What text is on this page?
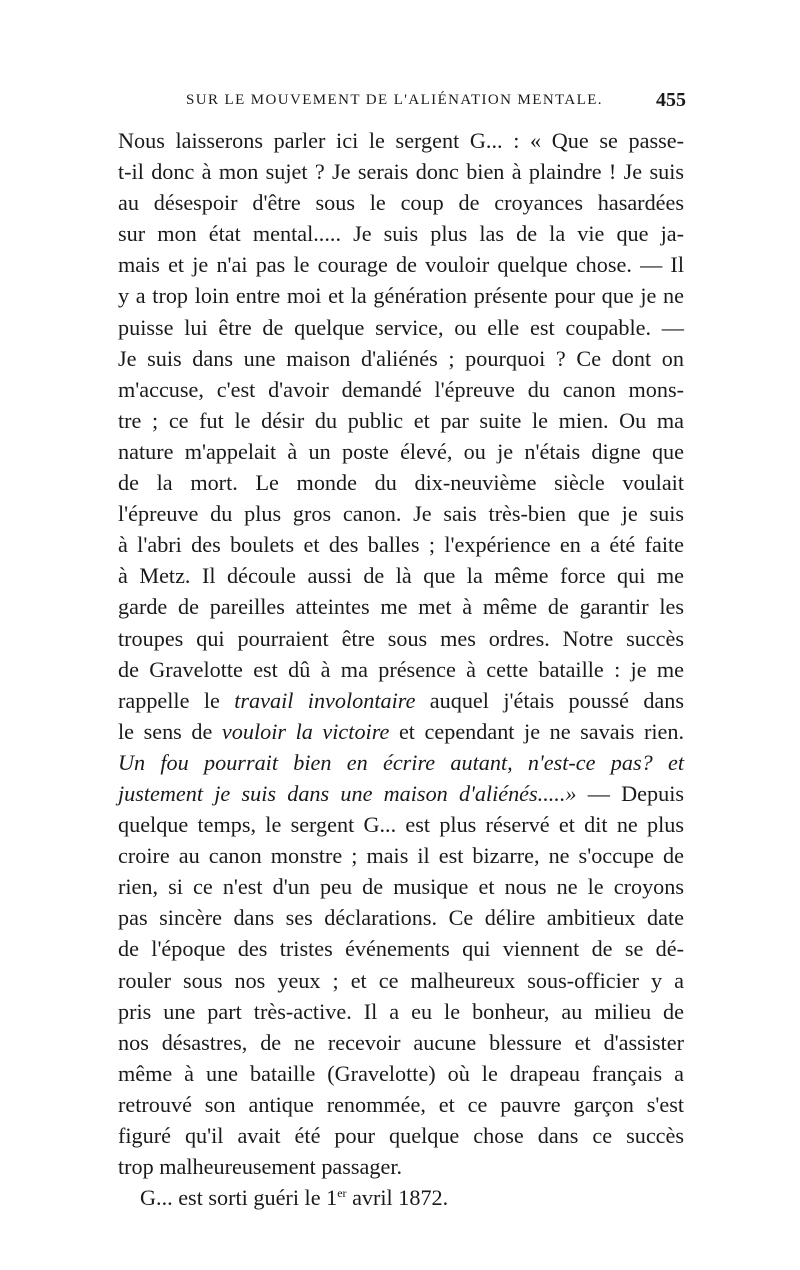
SUR LE MOUVEMENT DE L'ALIÉNATION MENTALE.	455
Nous laisserons parler ici le sergent G... : « Que se passe-
t-il donc à mon sujet ? Je serais donc bien à plaindre ! Je suis
au désespoir d'être sous le coup de croyances hasardées
sur mon état mental..... Je suis plus las de la vie que ja-
mais et je n'ai pas le courage de vouloir quelque chose. — Il
y a trop loin entre moi et la génération présente pour que je ne
puisse lui être de quelque service, ou elle est coupable. —
Je suis dans une maison d'aliénés ; pourquoi ? Ce dont on
m'accuse, c'est d'avoir demandé l'épreuve du canon mons-
tre ; ce fut le désir du public et par suite le mien. Ou ma
nature m'appelait à un poste élevé, ou je n'étais digne que
de la mort. Le monde du dix-neuvième siècle voulait
l'épreuve du plus gros canon. Je sais très-bien que je suis
à l'abri des boulets et des balles ; l'expérience en a été faite
à Metz. Il découle aussi de là que la même force qui me
garde de pareilles atteintes me met à même de garantir les
troupes qui pourraient être sous mes ordres. Notre succès
de Gravelotte est dû à ma présence à cette bataille : je me
rappelle le travail involontaire auquel j'étais poussé dans
le sens de vouloir la victoire et cependant je ne savais rien.
Un fou pourrait bien en écrire autant, n'est-ce pas? et
justement je suis dans une maison d'aliénés.....» — Depuis
quelque temps, le sergent G... est plus réservé et dit ne plus
croire au canon monstre ; mais il est bizarre, ne s'occupe de
rien, si ce n'est d'un peu de musique et nous ne le croyons
pas sincère dans ses déclarations. Ce délire ambitieux date
de l'époque des tristes événements qui viennent de se dé-
rouler sous nos yeux ; et ce malheureux sous-officier y a
pris une part très-active. Il a eu le bonheur, au milieu de
nos désastres, de ne recevoir aucune blessure et d'assister
même à une bataille (Gravelotte) où le drapeau français a
retrouvé son antique renommée, et ce pauvre garçon s'est
figuré qu'il avait été pour quelque chose dans ce succès
trop malheureusement passager.
G... est sorti guéri le 1er avril 1872.
